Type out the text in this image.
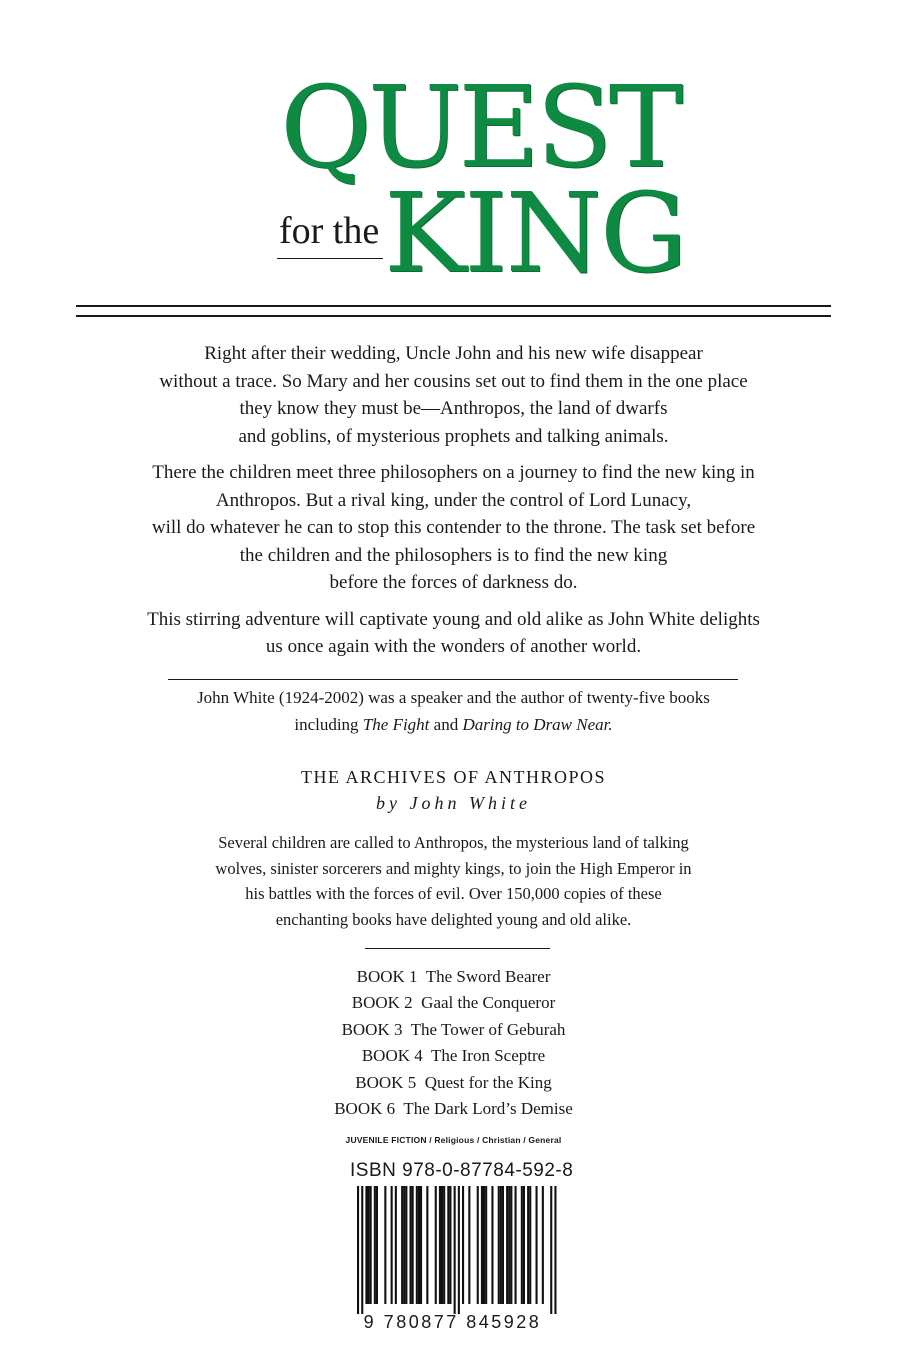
QUEST
for the KING

Right after their wedding, Uncle John and his new wife disappear
without a trace. So Mary and her cousins set out to find them in the one place
they know they must be—Anthropos, the land of dwarfs
and goblins, of mysterious prophets and talking animals.

There the children meet three philosophers on a journey to find the new king in
Anthropos. But a rival king, under the control of Lord Lunacy,
will do whatever he can to stop this contender to the throne. The task set before
the children and the philosophers is to find the new king
before the forces of darkness do.

This stirring adventure will captivate young and old alike as John White delights
us once again with the wonders of another world.

John White (1924-2002) was a speaker and the author of twenty-five books
including The Fight and Daring to Draw Near.
THE ARCHIVES OF ANTHROPOS
by John White
Several children are called to Anthropos, the mysterious land of talking
wolves, sinister sorcerers and mighty kings, to join the High Emperor in
his battles with the forces of evil. Over 150,000 copies of these
enchanting books have delighted young and old alike.
BOOK 1  The Sword Bearer
BOOK 2  Gaal the Conqueror
BOOK 3  The Tower of Geburah
BOOK 4  The Iron Sceptre
BOOK 5  Quest for the King
BOOK 6  The Dark Lord’s Demise
JUVENILE FICTION / Religious / Christian / General
ISBN 978-0-87784-592-8
9 780877 845928
